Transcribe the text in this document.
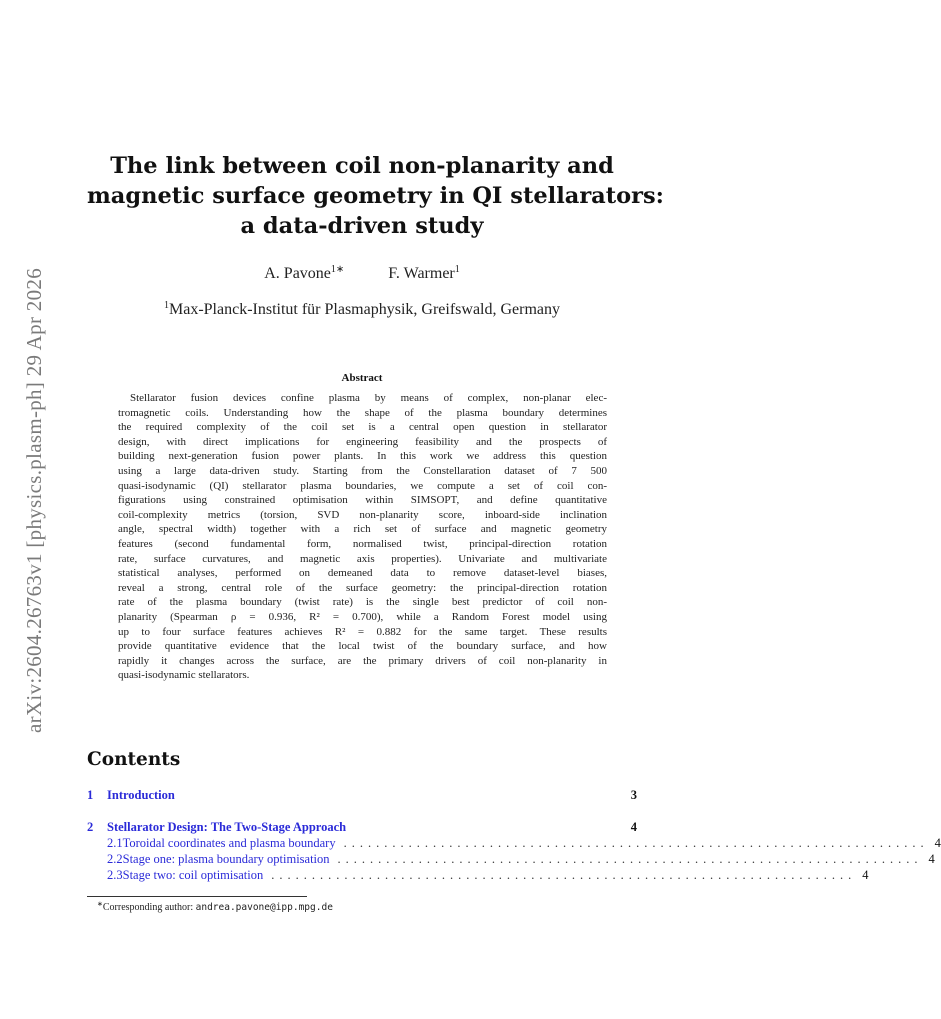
arXiv:2604.26763v1 [physics.plasm-ph] 29 Apr 2026
The link between coil non-planarity and
magnetic surface geometry in QI stellarators:
a data-driven study
A. Pavone$^{1∗}$	F. Warmer$^1$
$^1$Max-Planck-Institut für Plasmaphysik, Greifswald, Germany
Abstract
Stellarator fusion devices confine plasma by means of complex, non-planar elec-
tromagnetic coils. Understanding how the shape of the plasma boundary determines
the required complexity of the coil set is a central open question in stellarator
design, with direct implications for engineering feasibility and the prospects of
building next-generation fusion power plants. In this work we address this question
using a large data-driven study. Starting from the Constellaration dataset of 7 500
quasi-isodynamic (QI) stellarator plasma boundaries, we compute a set of coil con-
figurations using constrained optimisation within SIMSOPT, and define quantitative
coil-complexity metrics (torsion, SVD non-planarity score, inboard-side inclination
angle, spectral width) together with a rich set of surface and magnetic geometry
features (second fundamental form, normalised twist, principal-direction rotation
rate, surface curvatures, and magnetic axis properties). Univariate and multivariate
statistical analyses, performed on demeaned data to remove dataset-level biases,
reveal a strong, central role of the surface geometry: the principal-direction rotation
rate of the plasma boundary (twist rate) is the single best predictor of coil non-
planarity (Spearman ρ = 0.936, R² = 0.700), while a Random Forest model using
up to four surface features achieves R² = 0.882 for the same target. These results
provide quantitative evidence that the local twist of the boundary surface, and how
rapidly it changes across the surface, are the primary drivers of coil non-planarity in
quasi-isodynamic stellarators.
Contents
1	Introduction	3
2	Stellarator Design: The Two-Stage Approach	4
2.1 Toroidal coordinates and plasma boundary ........................................................................ 4
2.2 Stage one: plasma boundary optimisation ........................................................................ 4
2.3 Stage two: coil optimisation ........................................................................ 4
∗Corresponding author: andrea.pavone@ipp.mpg.de
